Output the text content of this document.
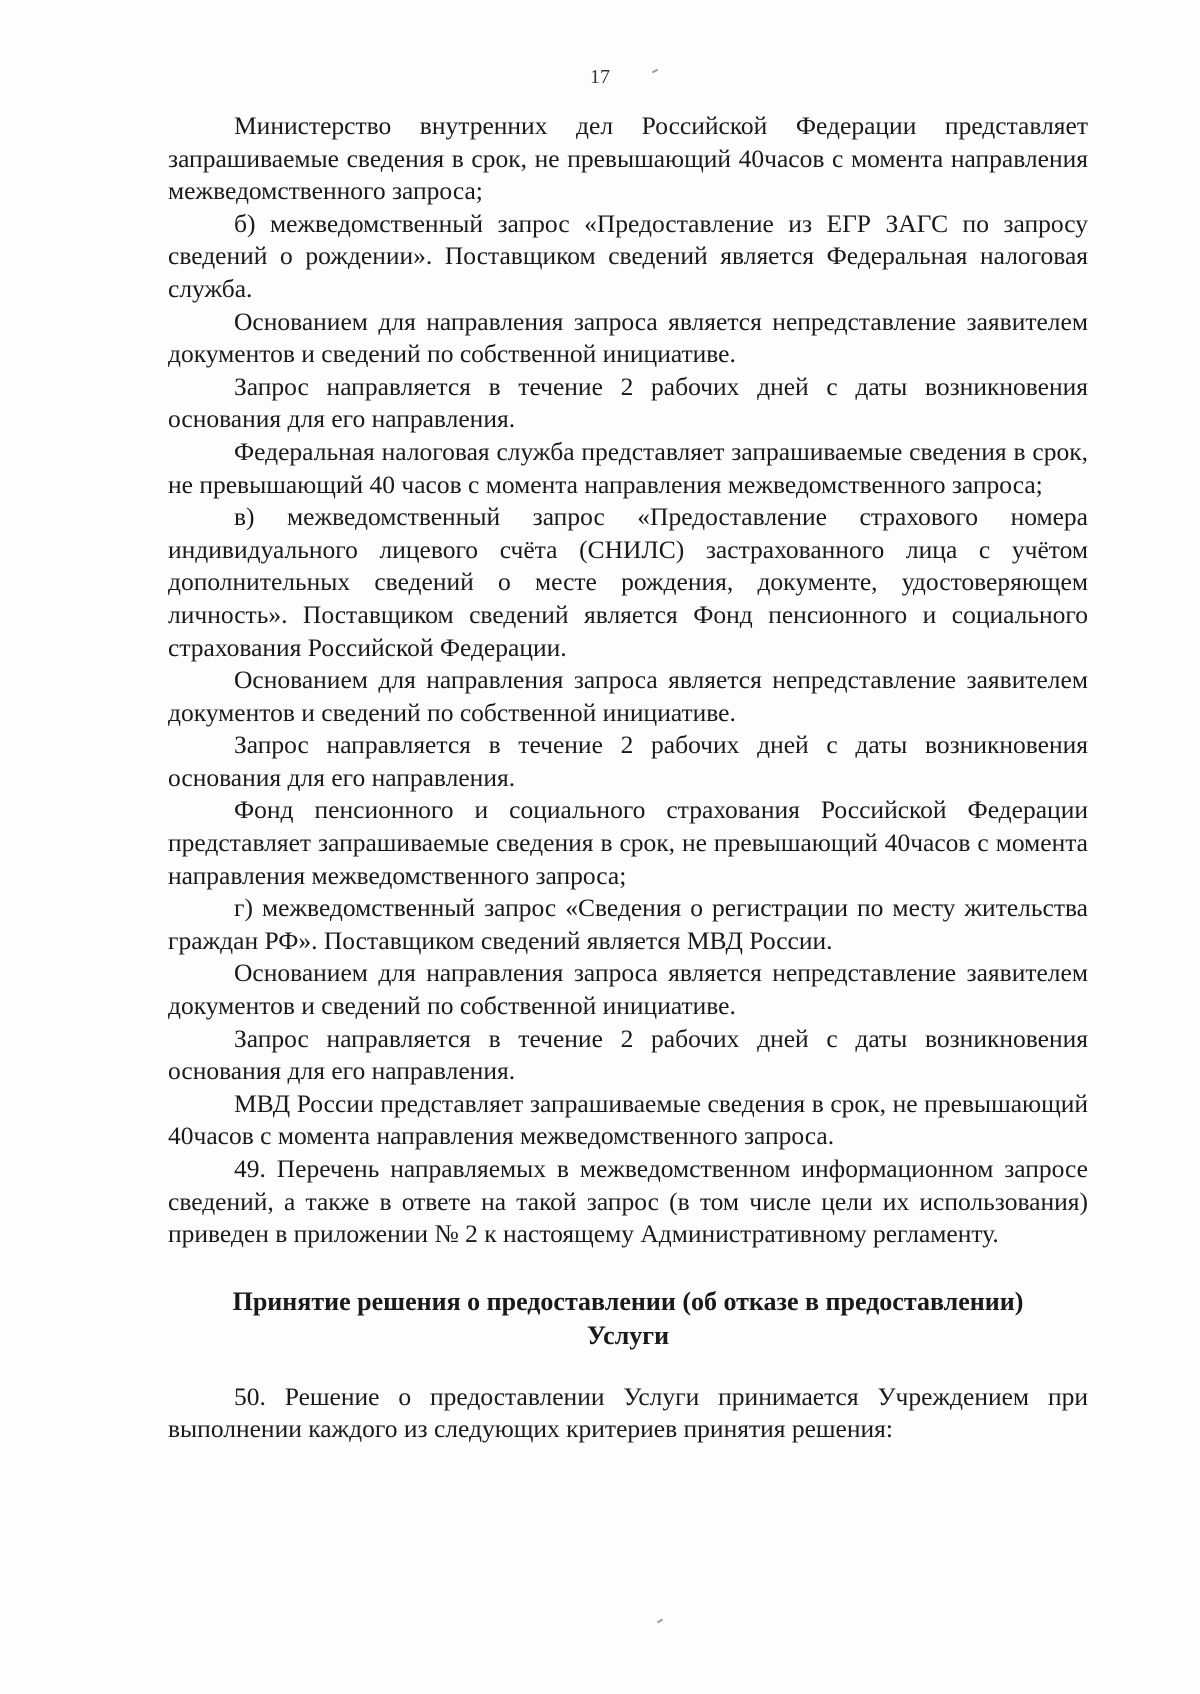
17

Министерство внутренних дел Российской Федерации представляет запрашиваемые сведения в срок, не превышающий 40часов с момента направления межведомственного запроса;

б) межведомственный запрос «Предоставление из ЕГР ЗАГС по запросу сведений о рождении». Поставщиком сведений является Федеральная налоговая служба.

Основанием для направления запроса является непредставление заявителем документов и сведений по собственной инициативе.

Запрос направляется в течение 2 рабочих дней с даты возникновения основания для его направления.

Федеральная налоговая служба представляет запрашиваемые сведения в срок, не превышающий 40 часов с момента направления межведомственного запроса;

в) межведомственный запрос «Предоставление страхового номера индивидуального лицевого счёта (СНИЛС) застрахованного лица с учётом дополнительных сведений о месте рождения, документе, удостоверяющем личность». Поставщиком сведений является Фонд пенсионного и социального страхования Российской Федерации.

Основанием для направления запроса является непредставление заявителем документов и сведений по собственной инициативе.

Запрос направляется в течение 2 рабочих дней с даты возникновения основания для его направления.

Фонд пенсионного и социального страхования Российской Федерации представляет запрашиваемые сведения в срок, не превышающий 40часов с момента направления межведомственного запроса;

г) межведомственный запрос «Сведения о регистрации по месту жительства граждан РФ». Поставщиком сведений является МВД России.

Основанием для направления запроса является непредставление заявителем документов и сведений по собственной инициативе.

Запрос направляется в течение 2 рабочих дней с даты возникновения основания для его направления.

МВД России представляет запрашиваемые сведения в срок, не превышающий 40часов с момента направления межведомственного запроса.

49. Перечень направляемых в межведомственном информационном запросе сведений, а также в ответе на такой запрос (в том числе цели их использования) приведен в приложении № 2 к настоящему Административному регламенту.

Принятие решения о предоставлении (об отказе в предоставлении)
Услуги

50. Решение о предоставлении Услуги принимается Учреждением при выполнении каждого из следующих критериев принятия решения:
